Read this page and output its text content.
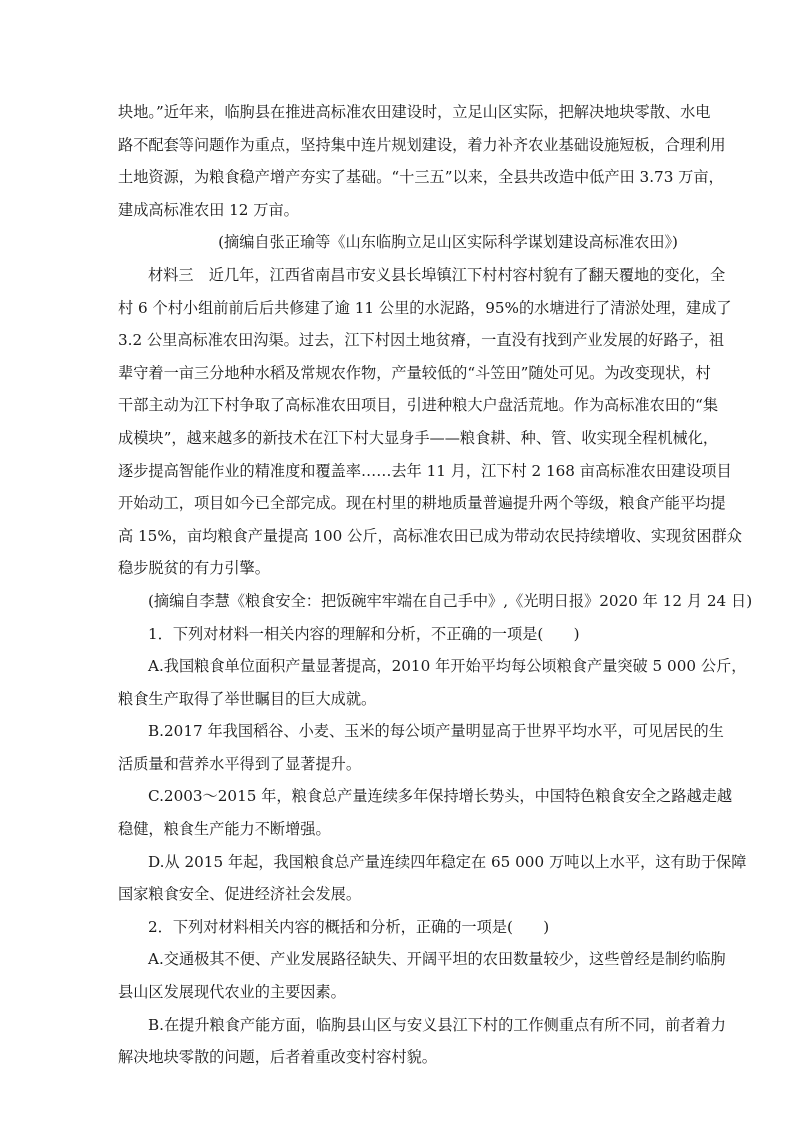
块地。”近年来，临朐县在推进高标准农田建设时，立足山区实际，把解决地块零散、水电
路不配套等问题作为重点，坚持集中连片规划建设，着力补齐农业基础设施短板，合理利用
土地资源，为粮食稳产增产夯实了基础。“十三五”以来，全县共改造中低产田 3.73 万亩，
建成高标准农田 12 万亩。
(摘编自张正瑜等《山东临朐立足山区实际科学谋划建设高标准农田》)
材料三　近几年，江西省南昌市安义县长埠镇江下村村容村貌有了翻天覆地的变化，全
村 6 个村小组前前后后共修建了逾 11 公里的水泥路，95%的水塘进行了清淤处理，建成了
3.2 公里高标准农田沟渠。过去，江下村因土地贫瘠，一直没有找到产业发展的好路子，祖
辈守着一亩三分地种水稻及常规农作物，产量较低的“斗笠田”随处可见。为改变现状，村
干部主动为江下村争取了高标准农田项目，引进种粮大户盘活荒地。作为高标准农田的“集
成模块”，越来越多的新技术在江下村大显身手——粮食耕、种、管、收实现全程机械化，
逐步提高智能作业的精准度和覆盖率……去年 11 月，江下村 2 168 亩高标准农田建设项目
开始动工，项目如今已全部完成。现在村里的耕地质量普遍提升两个等级，粮食产能平均提
高 15%，亩均粮食产量提高 100 公斤，高标准农田已成为带动农民持续增收、实现贫困群众
稳步脱贫的有力引擎。
(摘编自李慧《粮食安全：把饭碗牢牢端在自己手中》,《光明日报》2020 年 12 月 24 日)
1．下列对材料一相关内容的理解和分析，不正确的一项是(　　)
A.我国粮食单位面积产量显著提高，2010 年开始平均每公顷粮食产量突破 5 000 公斤，
粮食生产取得了举世瞩目的巨大成就。
B.2017 年我国稻谷、小麦、玉米的每公顷产量明显高于世界平均水平，可见居民的生
活质量和营养水平得到了显著提升。
C.2003～2015 年，粮食总产量连续多年保持增长势头，中国特色粮食安全之路越走越
稳健，粮食生产能力不断增强。
D.从 2015 年起，我国粮食总产量连续四年稳定在 65 000 万吨以上水平，这有助于保障
国家粮食安全、促进经济社会发展。
2．下列对材料相关内容的概括和分析，正确的一项是(　　)
A.交通极其不便、产业发展路径缺失、开阔平坦的农田数量较少，这些曾经是制约临朐
县山区发展现代农业的主要因素。
B.在提升粮食产能方面，临朐县山区与安义县江下村的工作侧重点有所不同，前者着力
解决地块零散的问题，后者着重改变村容村貌。
